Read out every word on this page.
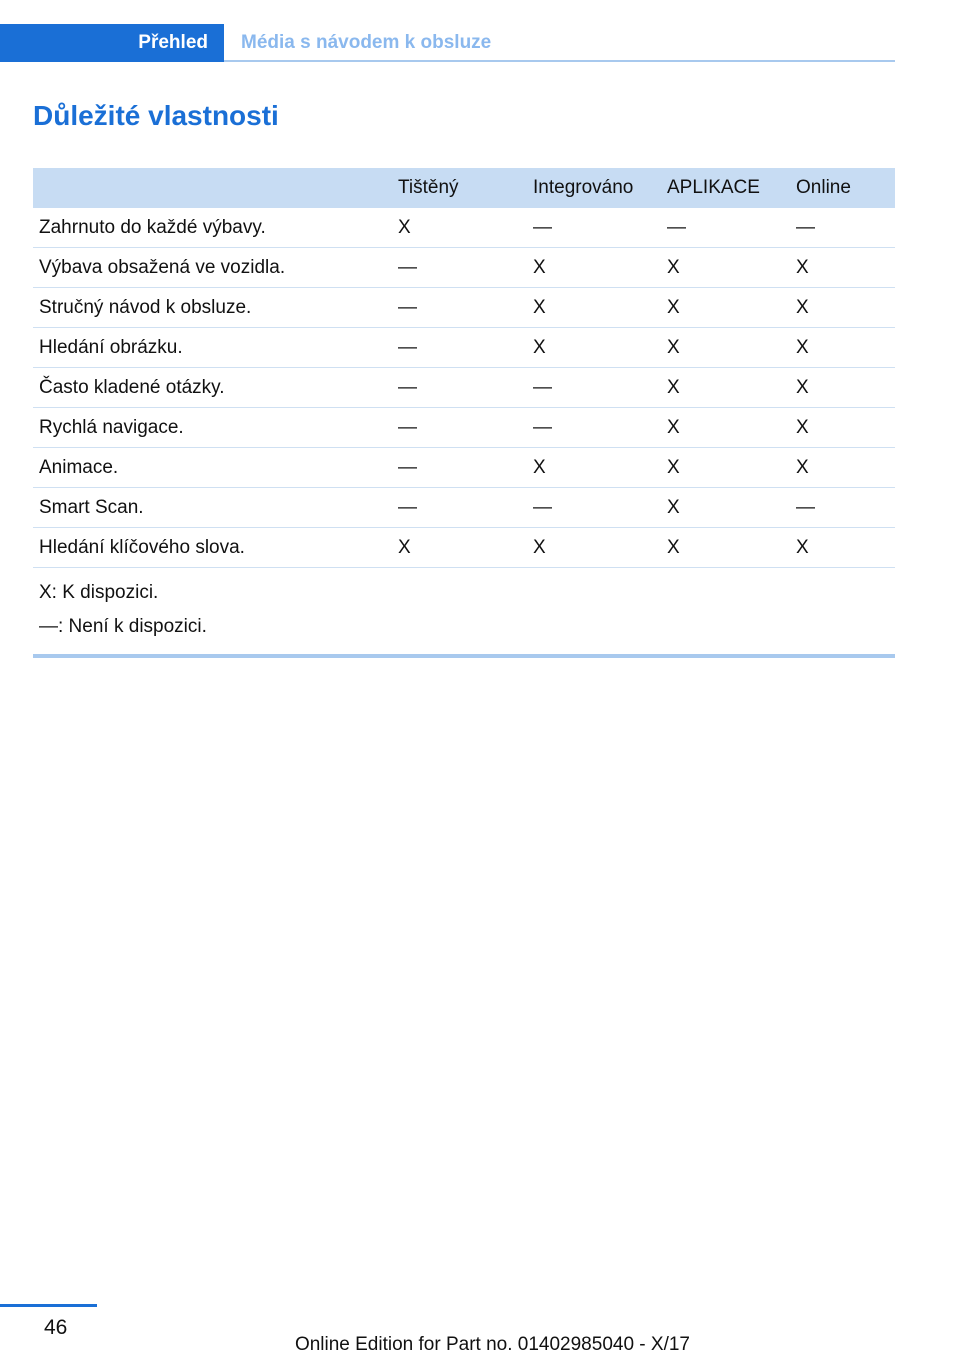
Přehled	Média s návodem k obsluze
Důležité vlastnosti
	Tištěný	Integrováno	APLIKACE	Online
Zahrnuto do každé výbavy.	X	—	—	—
Výbava obsažená ve vozidla.	—	X	X	X
Stručný návod k obsluze.	—	X	X	X
Hledání obrázku.	—	X	X	X
Často kladené otázky.	—	—	X	X
Rychlá navigace.	—	—	X	X
Animace.	—	X	X	X
Smart Scan.	—	—	X	—
Hledání klíčového slova.	X	X	X	X

X: K dispozici.
—: Není k dispozici.				
46
Online Edition for Part no. 01402985040 - X/17
